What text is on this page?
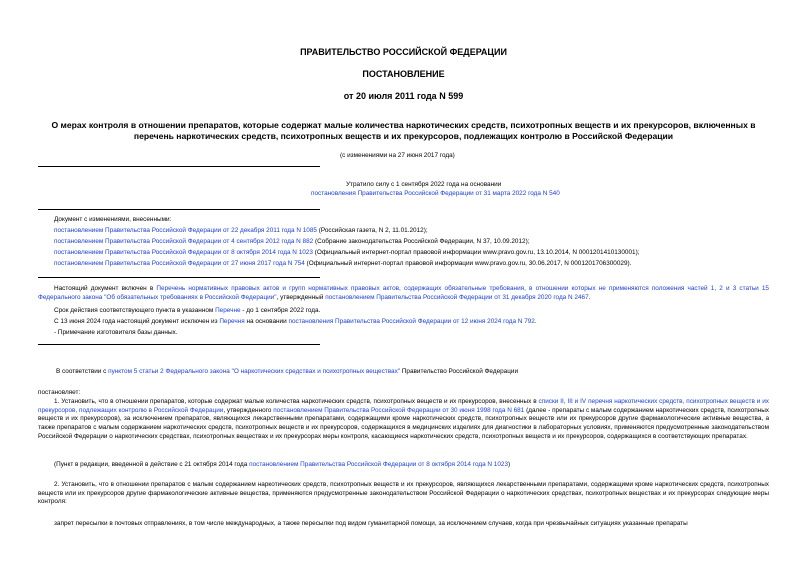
ПРАВИТЕЛЬСТВО РОССИЙСКОЙ ФЕДЕРАЦИИ
ПОСТАНОВЛЕНИЕ
от 20 июля 2011 года N 599
О мерах контроля в отношении препаратов, которые содержат малые количества наркотических средств, психотропных веществ и их прекурсоров, включенных в
перечень наркотических средств, психотропных веществ и их прекурсоров, подлежащих контролю в Российской Федерации
(с изменениями на 27 июня 2017 года)
Утратило силу с 1 сентября 2022 года на основании
постановления Правительства Российской Федерации от 31 марта 2022 года N 540
Документ с изменениями, внесенными:
постановлением Правительства Российской Федерации от 22 декабря 2011 года N 1085 (Российская газета, N 2, 11.01.2012);
постановлением Правительства Российской Федерации от 4 сентября 2012 года N 882 (Собрание законодательства Российской Федерации, N 37, 10.09.2012);
постановлением Правительства Российской Федерации от 8 октября 2014 года N 1023 (Официальный интернет-портал правовой информации www.pravo.gov.ru, 13.10.2014, N 0001201410130001);
постановлением Правительства Российской Федерации от 27 июня 2017 года N 754 (Официальный интернет-портал правовой информации www.pravo.gov.ru, 30.06.2017, N 0001201706300029).
Настоящий документ включен в Перечень нормативных правовых актов и групп нормативных правовых актов, содержащих обязательные требования, в отношении которых не применяются положения частей 1, 2 и 3 статьи 15 Федерального закона "Об обязательных требованиях в Российской Федерации", утвержденный постановлением Правительства Российской Федерации от 31 декабря 2020 года N 2467.
Срок действия соответствующего пункта в указанном Перечне - до 1 сентября 2022 года.
С 13 июня 2024 года настоящий документ исключен из Перечня на основании постановления Правительства Российской Федерации от 12 июня 2024 года N 792.
- Примечание изготовителя базы данных.
В соответствии с пунктом 5 статьи 2 Федерального закона "О наркотических средствах и психотропных веществах" Правительство Российской Федерации
постановляет:
1. Установить, что в отношении препаратов, которые содержат малые количества наркотических средств, психотропных веществ и их прекурсоров, внесенных в списки II, III и IV перечня наркотических средств, психотропных веществ и их прекурсоров, подлежащих контролю в Российской Федерации, утвержденного постановлением Правительства Российской Федерации от 30 июня 1998 года N 681 (далее - препараты с малым содержанием наркотических средств, психотропных веществ и их прекурсоров), за исключением препаратов, являющихся лекарственными препаратами, содержащими кроме наркотических средств, психотропных веществ или их прекурсоров другие фармакологические активные вещества, а также препаратов с малым содержанием наркотических средств, психотропных веществ и их прекурсоров, содержащихся в медицинских изделиях для диагностики в лабораторных условиях, применяются предусмотренные законодательством Российской Федерации о наркотических средствах, психотропных веществах и их прекурсорах меры контроля, касающиеся наркотических средств, психотропных веществ и их прекурсоров, содержащихся в соответствующих препаратах.
(Пункт в редакции, введенной в действие с 21 октября 2014 года постановлением Правительства Российской Федерации от 8 октября 2014 года N 1023)
2. Установить, что в отношении препаратов с малым содержанием наркотических средств, психотропных веществ и их прекурсоров, являющихся лекарственными препаратами, содержащими кроме наркотических средств, психотропных веществ или их прекурсоров другие фармакологические активные вещества, применяются предусмотренные законодательством Российской Федерации о наркотических средствах, психотропных веществах и их прекурсорах следующие меры контроля:
запрет пересылки в почтовых отправлениях, в том числе международных, а также пересылки под видом гуманитарной помощи, за исключением случаев, когда при чрезвычайных ситуациях указанные препараты
